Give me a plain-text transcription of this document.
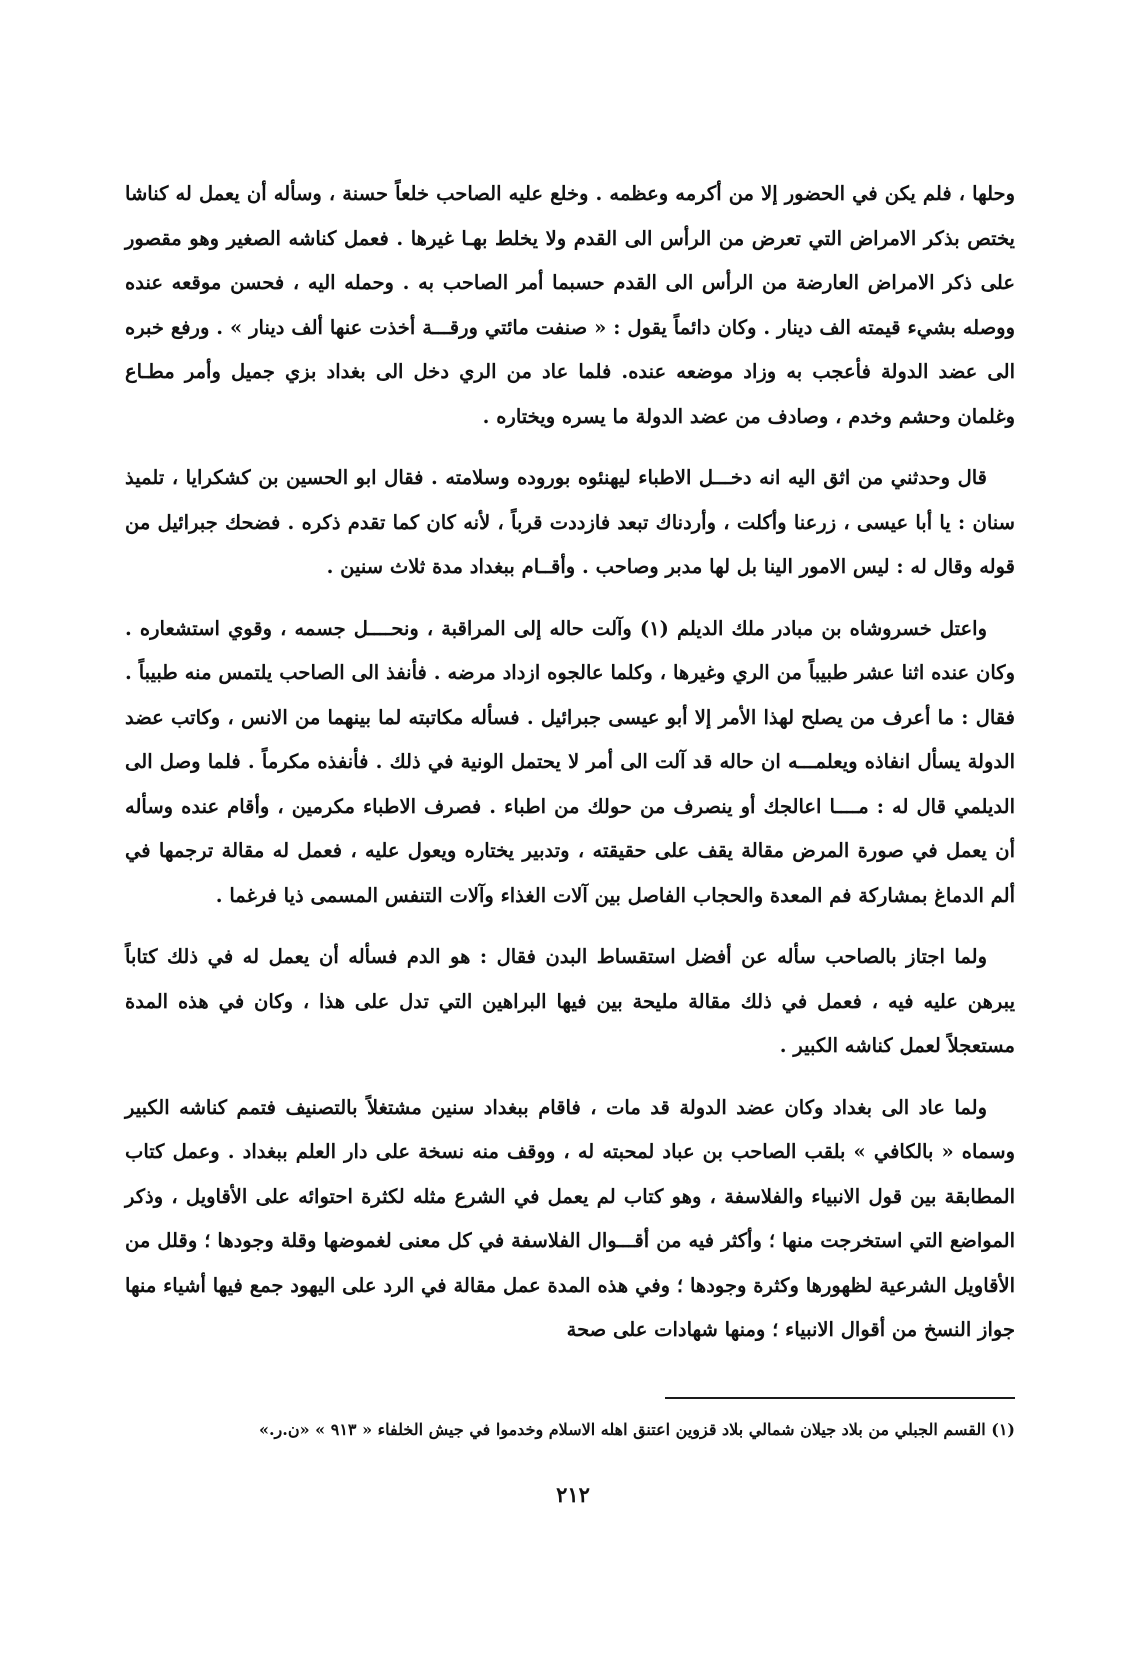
وحلها ، فلم يكن في الحضور إلا من أكرمه وعظمه . وخلع عليه الصاحب خلعاً حسنة ، وسأله أن يعمل له كناشا يختص بذكر الامراض التي تعرض من الرأس الى القدم ولا يخلط بهـا غيرها . فعمل كناشه الصغير وهو مقصور على ذكر الامراض العارضة من الرأس الى القدم حسبما أمر الصاحب به . وحمله اليه ، فحسن موقعه عنده ووصله بشيء قيمته الف دينار . وكان دائماً يقول : « صنفت مائتي ورقـــة أخذت عنها ألف دينار » . ورفع خبره الى عضد الدولة فأعجب به وزاد موضعه عنده. فلما عاد من الري دخل الى بغداد بزي جميل وأمر مطـاع وغلمان وحشم وخدم ، وصادف من عضد الدولة ما يسره ويختاره .

قال وحدثني من اثق اليه انه دخـــل الاطباء ليهنئوه بوروده وسلامته . فقال ابو الحسين بن كشكرايا ، تلميذ سنان : يا أبا عيسى ، زرعنا وأكلت ، وأردناك تبعد فازددت قرباً ، لأنه كان كما تقدم ذكره . فضحك جبرائيل من قوله وقال له : ليس الامور الينا بل لها مدبر وصاحب . وأقــام ببغداد مدة ثلاث سنين .

واعتل خسروشاه بن مبادر ملك الديلم (١) وآلت حاله إلى المراقبة ، ونحــــل جسمه ، وقوي استشعاره . وكان عنده اثنا عشر طبيباً من الري وغيرها ، وكلما عالجوه ازداد مرضه . فأنفذ الى الصاحب يلتمس منه طبيباً . فقال : ما أعرف من يصلح لهذا الأمر إلا أبو عيسى جبرائيل . فسأله مكاتبته لما بينهما من الانس ، وكاتب عضد الدولة يسأل انفاذه ويعلمـــه ان حاله قد آلت الى أمر لا يحتمل الونية في ذلك . فأنفذه مكرماً . فلما وصل الى الديلمي قال له : مــــا اعالجك أو ينصرف من حولك من اطباء . فصرف الاطباء مكرمين ، وأقام عنده وسأله أن يعمل في صورة المرض مقالة يقف على حقيقته ، وتدبير يختاره ويعول عليه ، فعمل له مقالة ترجمها في ألم الدماغ بمشاركة فم المعدة والحجاب الفاصل بين آلات الغذاء وآلات التنفس المسمى ذيا فرغما .

ولما اجتاز بالصاحب سأله عن أفضل استقساط البدن فقال : هو الدم فسأله أن يعمل له في ذلك كتاباً يبرهن عليه فيه ، فعمل في ذلك مقالة مليحة بين فيها البراهين التي تدل على هذا ، وكان في هذه المدة مستعجلاً لعمل كناشه الكبير .

ولما عاد الى بغداد وكان عضد الدولة قد مات ، فاقام ببغداد سنين مشتغلاً بالتصنيف فتمم كناشه الكبير وسماه « بالكافي » بلقب الصاحب بن عباد لمحبته له ، ووقف منه نسخة على دار العلم ببغداد . وعمل كتاب المطابقة بين قول الانبياء والفلاسفة ، وهو كتاب لم يعمل في الشرع مثله لكثرة احتوائه على الأقاويل ، وذكر المواضع التي استخرجت منها ؛ وأكثر فيه من أقـــوال الفلاسفة في كل معنى لغموضها وقلة وجودها ؛ وقلل من الأقاويل الشرعية لظهورها وكثرة وجودها ؛ وفي هذه المدة عمل مقالة في الرد على اليهود جمع فيها أشياء منها جواز النسخ من أقوال الانبياء ؛ ومنها شهادات على صحة

(١) القسم الجبلي من بلاد جيلان شمالي بلاد قزوين اعتنق اهله الاسلام وخدموا في جيش الخلفاء « ٩١٣ » «ن.ر.»

٢١٢
